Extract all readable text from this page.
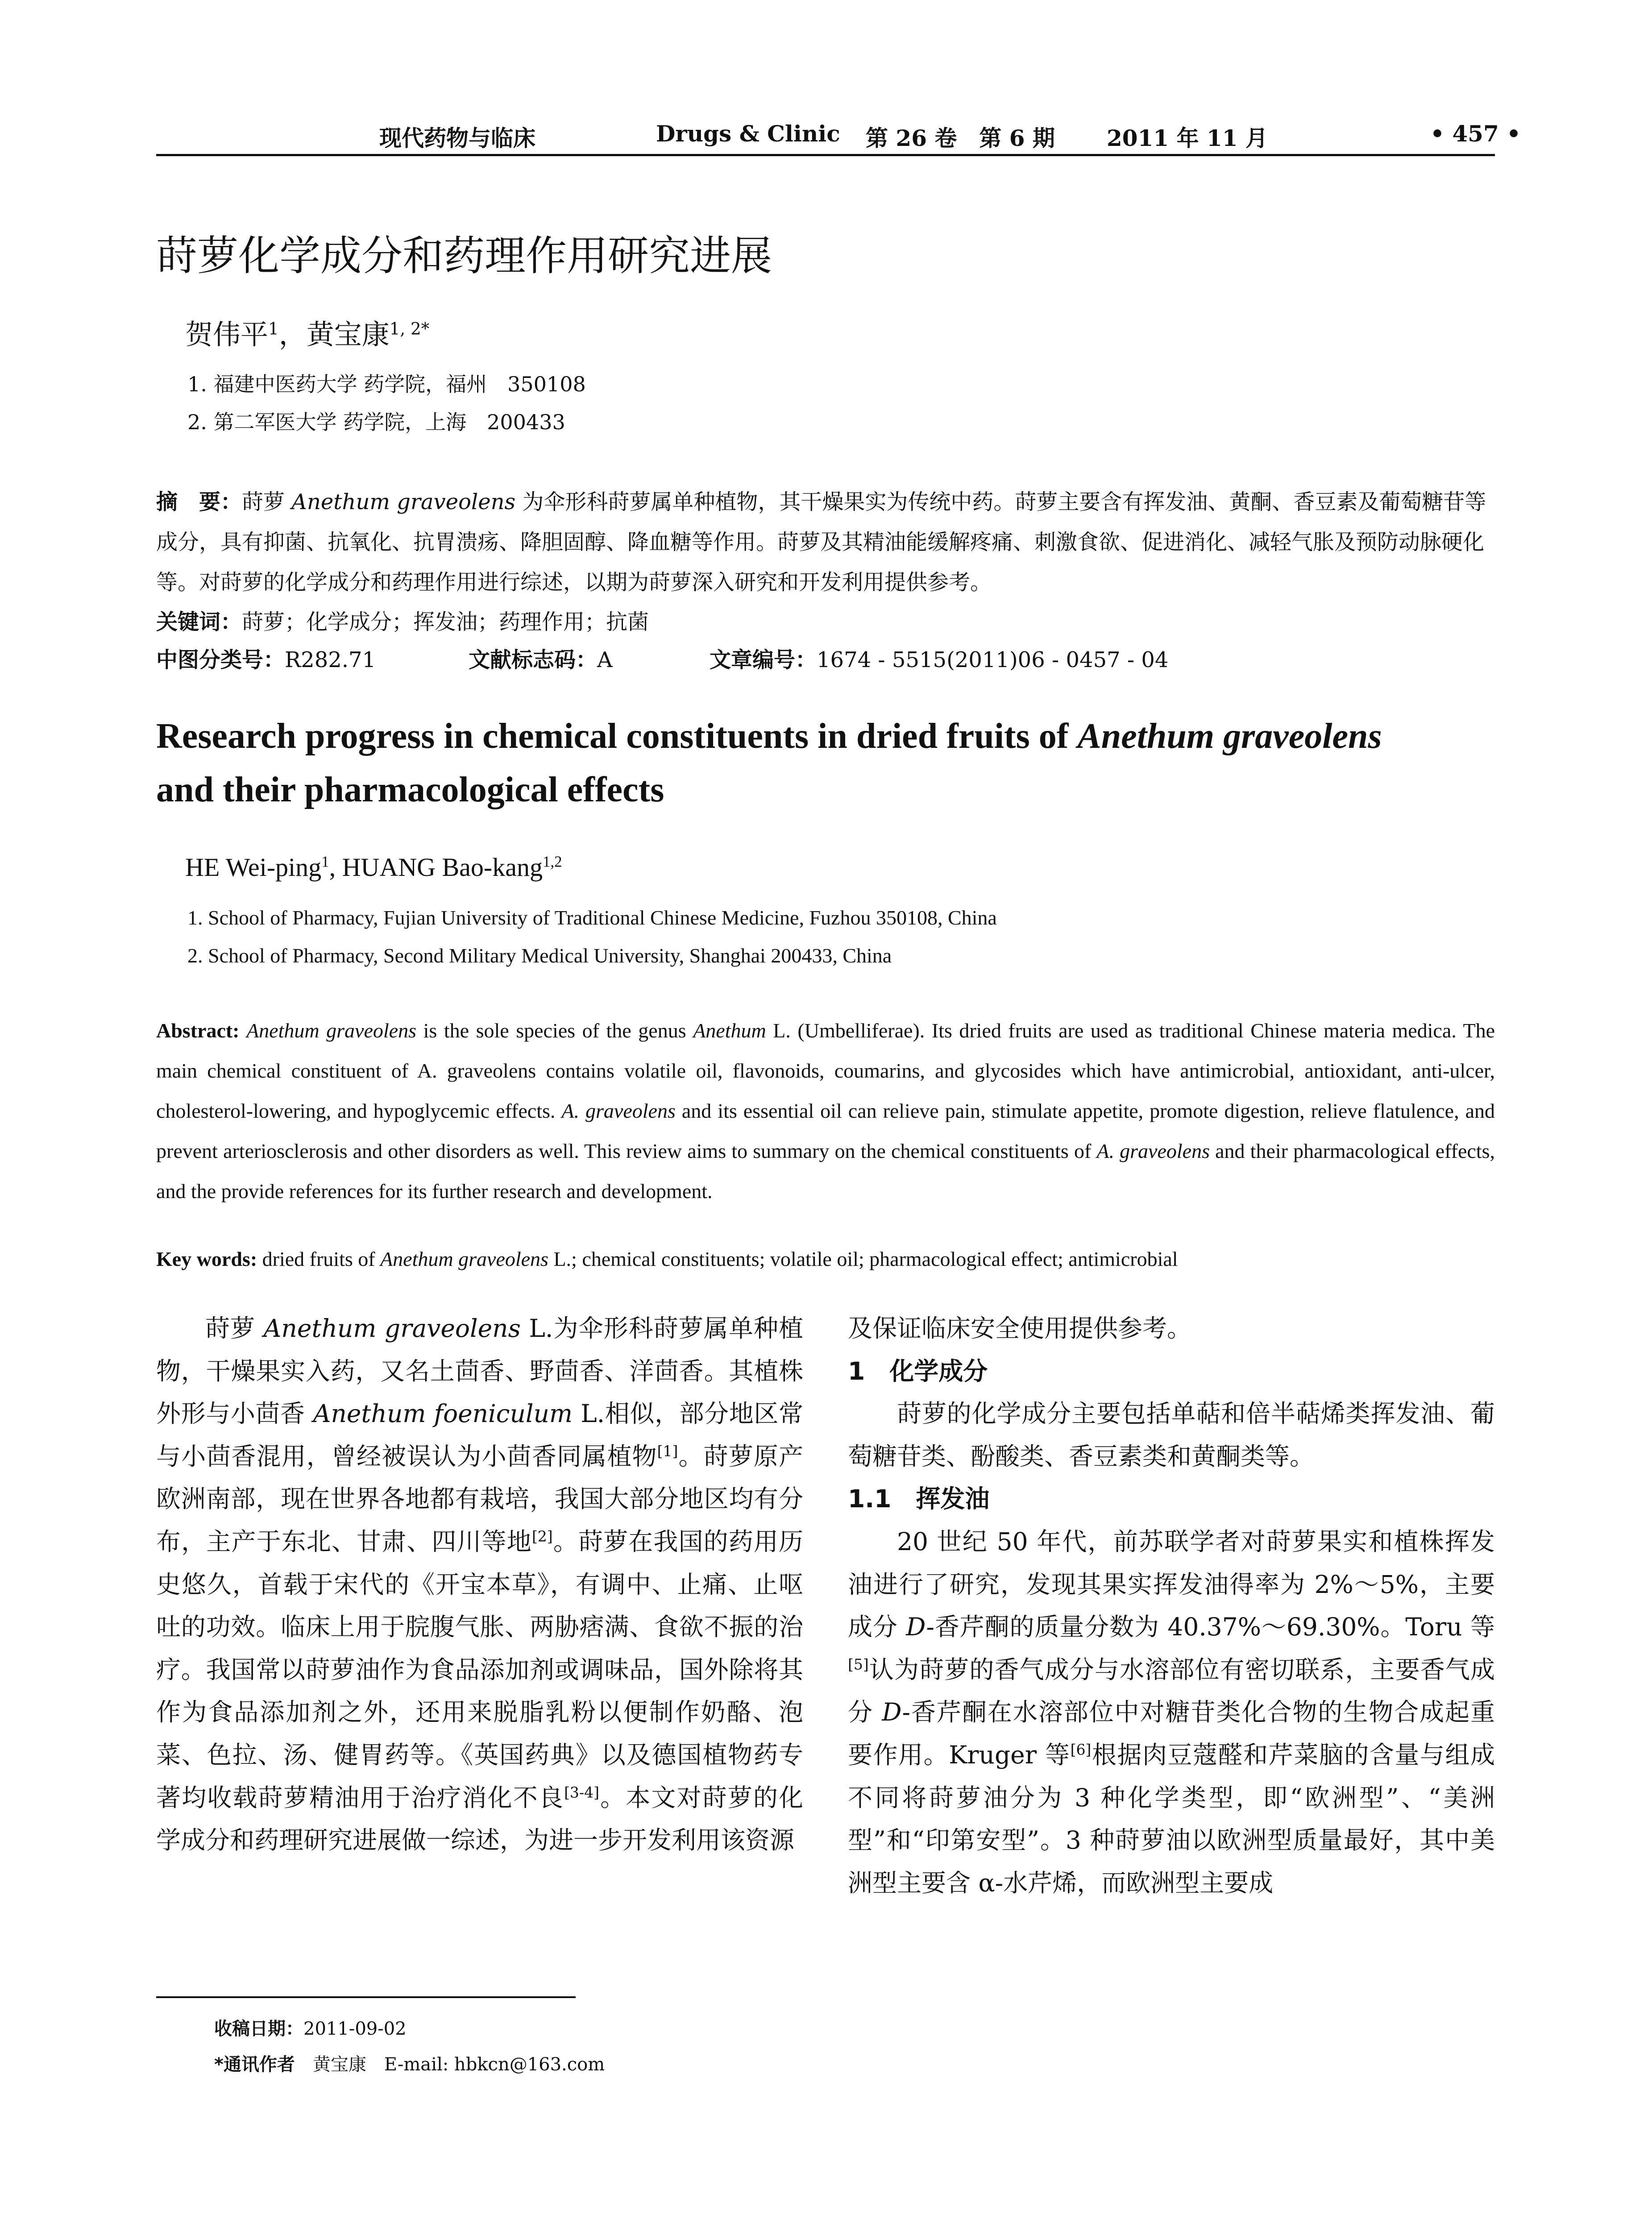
现代药物与临床	Drugs & Clinic 第 26 卷　第 6 期 2011 年 11 月	• 457 •
莳萝化学成分和药理作用研究进展
贺伟平$^1$，黄宝康$^{1, 2*}$
1. 福建中医药大学 药学院，福州　350108
2. 第二军医大学 药学院，上海　200433
摘　要：莳萝 Anethum graveolens 为伞形科莳萝属单种植物，其干燥果实为传统中药。莳萝主要含有挥发油、黄酮、香豆素及葡萄糖苷等成分，具有抑菌、抗氧化、抗胃溃疡、降胆固醇、降血糖等作用。莳萝及其精油能缓解疼痛、刺激食欲、促进消化、减轻气胀及预防动脉硬化等。对莳萝的化学成分和药理作用进行综述，以期为莳萝深入研究和开发利用提供参考。
关键词：莳萝；化学成分；挥发油；药理作用；抗菌
中图分类号：R282.71	文献标志码：A	文章编号：1674 - 5515(2011)06 - 0457 - 04
Research progress in chemical constituents in dried fruits of Anethum graveolens
and their pharmacological effects
HE Wei-ping$^1$, HUANG Bao-kang$^{1,2}$
1. School of Pharmacy, Fujian University of Traditional Chinese Medicine, Fuzhou 350108, China
2. School of Pharmacy, Second Military Medical University, Shanghai 200433, China
Abstract: Anethum graveolens is the sole species of the genus Anethum L. (Umbelliferae). Its dried fruits are used as traditional Chinese materia medica. The main chemical constituent of A. graveolens contains volatile oil, flavonoids, coumarins, and glycosides which have antimicrobial, antioxidant, anti-ulcer, cholesterol-lowering, and hypoglycemic effects. A. graveolens and its essential oil can relieve pain, stimulate appetite, promote digestion, relieve flatulence, and prevent arteriosclerosis and other disorders as well. This review aims to summary on the chemical constituents of A. graveolens and their pharmacological effects, and the provide references for its further research and development.
Key words: dried fruits of Anethum graveolens L.; chemical constituents; volatile oil; pharmacological effect; antimicrobial

莳萝 Anethum graveolens L.为伞形科莳萝属单种植物，干燥果实入药，又名土茴香、野茴香、洋茴香。其植株外形与小茴香 Anethum foeniculum L.相似，部分地区常与小茴香混用，曾经被误认为小茴香同属植物[1]。莳萝原产欧洲南部，现在世界各地都有栽培，我国大部分地区均有分布，主产于东北、甘肃、四川等地[2]。莳萝在我国的药用历史悠久，首载于宋代的《开宝本草》，有调中、止痛、止呕吐的功效。临床上用于脘腹气胀、两胁痞满、食欲不振的治疗。我国常以莳萝油作为食品添加剂或调味品，国外除将其作为食品添加剂之外，还用来脱脂乳粉以便制作奶酪、泡菜、色拉、汤、健胃药等。《英国药典》以及德国植物药专著均收载莳萝精油用于治疗消化不良[3-4]。本文对莳萝的化学成分和药理研究进展做一综述，为进一步开发利用该资源

及保证临床安全使用提供参考。

1　化学成分

莳萝的化学成分主要包括单萜和倍半萜烯类挥发油、葡萄糖苷类、酚酸类、香豆素类和黄酮类等。

1.1　挥发油

20 世纪 50 年代，前苏联学者对莳萝果实和植株挥发油进行了研究，发现其果实挥发油得率为 2%～5%，主要成分 D-香芹酮的质量分数为 40.37%～69.30%。Toru 等[5]认为莳萝的香气成分与水溶部位有密切联系，主要香气成分 D-香芹酮在水溶部位中对糖苷类化合物的生物合成起重要作用。Kruger 等[6]根据肉豆蔻醛和芹菜脑的含量与组成不同将莳萝油分为 3 种化学类型，即“欧洲型”、“美洲型”和“印第安型”。3 种莳萝油以欧洲型质量最好，其中美洲型主要含 α-水芹烯，而欧洲型主要成

收稿日期：2011-09-02
*通讯作者　黄宝康　E-mail: hbkcn@163.com
